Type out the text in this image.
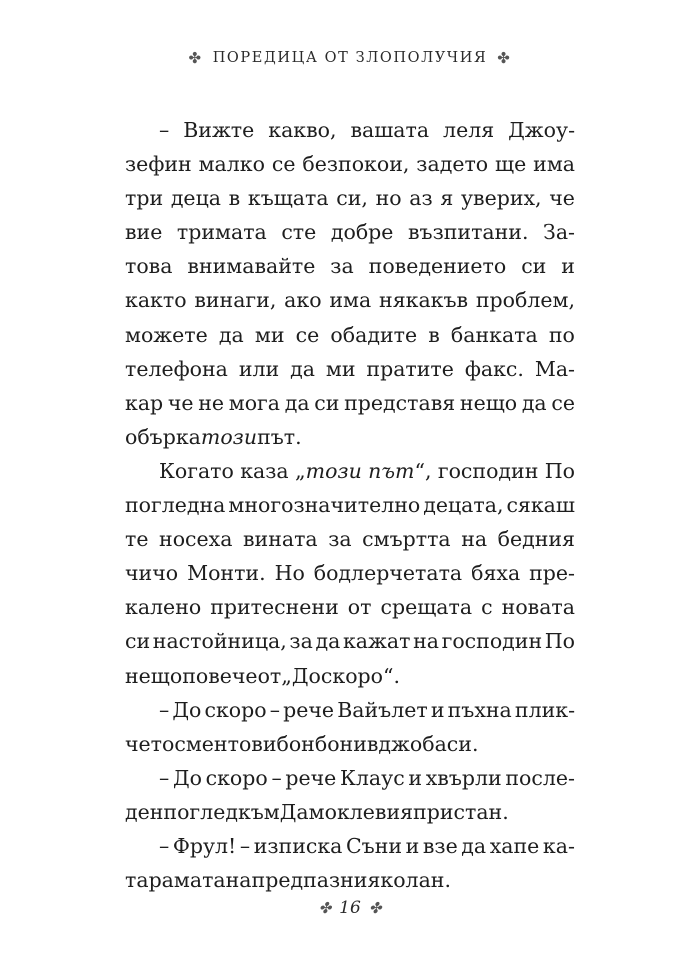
✤ ПОРЕДИЦА ОТ ЗЛОПОЛУЧИЯ ✤
– Вижте какво, вашата леля Джоу-
зефин малко се безпокои, задето ще има
три деца в къщата си, но аз я уверих, че
вие тримата сте добре възпитани. За-
това внимавайте за поведението си и
както винаги, ако има някакъв проблем,
можете да ми се обадите в банката по
телефона или да ми пратите факс. Ма-
кар че не мога да си представя нещо да се
обърка този път.
Когато каза „този път“, господин По
погледна многозначително децата, сякаш
те носеха вината за смъртта на бедния
чичо Монти. Но бодлерчетата бяха пре-
калено притеснени от срещата с новата
си настойница, за да кажат на господин По
нещо повече от „До скоро“.
– До скоро – рече Вайълет и пъхна плик-
чето с ментови бонбони в джоба си.
– До скоро – рече Клаус и хвърли послe-
ден поглед към Дамоклевия пристан.
– Фрул! – изписка Съни и взе да хапе ка-
тарамата на предпазния колан.
✤ 16 ✤
